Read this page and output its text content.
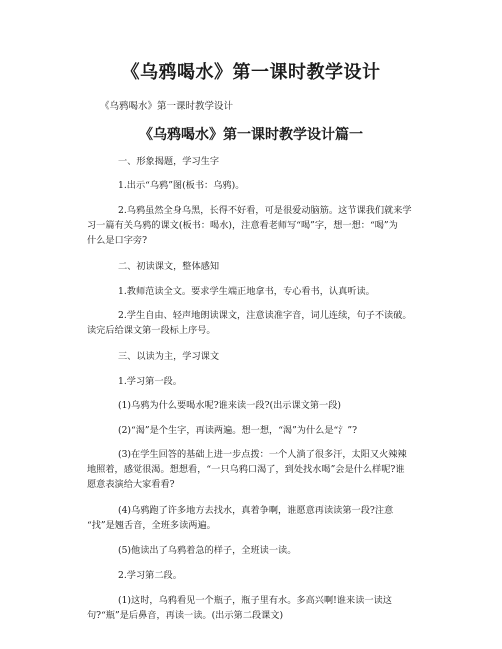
《乌鸦喝水》第一课时教学设计
《乌鸦喝水》第一课时教学设计
《乌鸦喝水》第一课时教学设计篇一
一、形象揭题，学习生字
1.出示“乌鸦”图(板书：乌鸦)。
2.乌鸦虽然全身乌黑，长得不好看，可是很爱动脑筋。这节课我们就来学
习一篇有关乌鸦的课文(板书：喝水)，注意看老师写“喝”字，想一想：“喝”为
什么是口字旁?
二、初读课文，整体感知
1.教师范读全文。要求学生端正地拿书，专心看书，认真听读。
2.学生自由、轻声地朗读课文，注意读准字音，词儿连续，句子不读破。
读完后给课文第一段标上序号。
三、以读为主，学习课文
1.学习第一段。
(1)乌鸦为什么要喝水呢?谁来读一段?(出示课文第一段)
(2)“渴”是个生字，再读两遍。想一想，“渴”为什么是“氵”?
(3)在学生回答的基础上进一步点拨：一个人淌了很多汗，太阳又火辣辣
地照着，感觉很渴。想想看，“一只乌鸦口渴了，到处找水喝”会是什么样呢?谁
愿意表演给大家看看?
(4)乌鸦跑了许多地方去找水，真着争啊，谁愿意再读读第一段?注意
“找”是翘舌音，全班多读两遍。
(5)他读出了乌鸦着急的样子，全班读一读。
2.学习第二段。
(1)这时，乌鸦看见一个瓶子，瓶子里有水。多高兴啊!谁来读一读这
句?“瓶”是后鼻音，再读一读。(出示第二段课文)
